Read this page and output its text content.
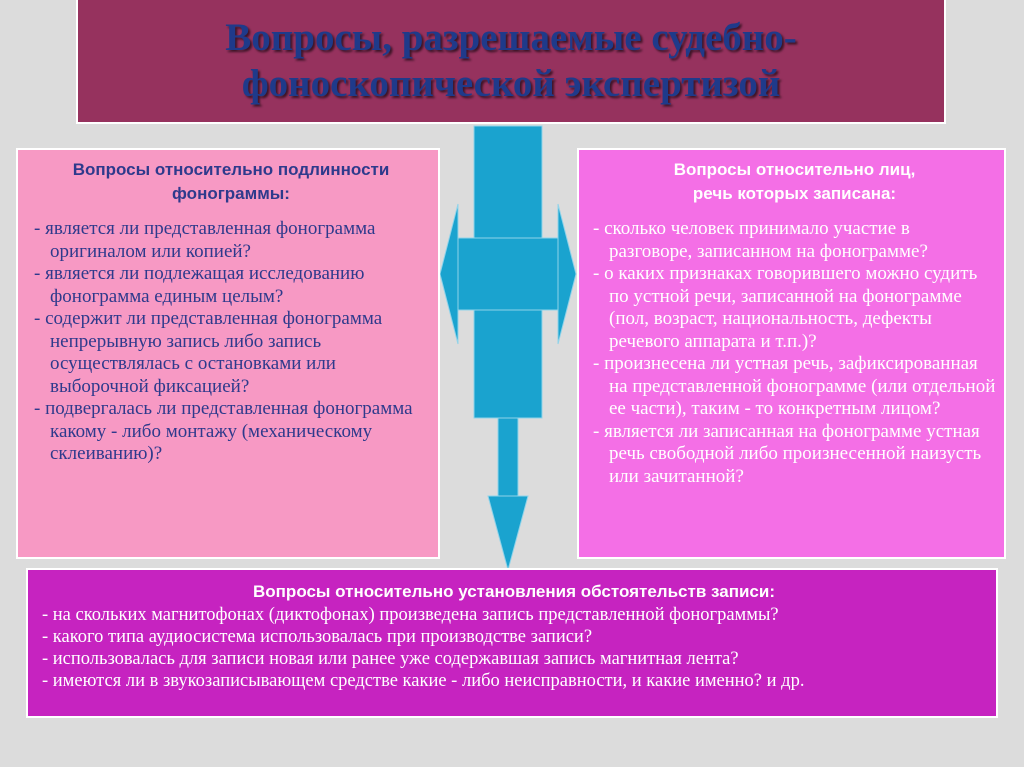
Вопросы, разрешаемые судебно-
фоноскопической экспертизой
Вопросы относительно подлинности
фонограммы:
- является ли представленная фонограмма оригиналом или копией?
- является ли подлежащая исследованию фонограмма единым целым?
- содержит ли представленная фонограмма непрерывную запись либо запись осуществлялась с остановками или выборочной фиксацией?
- подвергалась ли представленная фонограмма какому - либо монтажу (механическому склеиванию)?
Вопросы относительно лиц,
речь которых записана:
- сколько человек принимало участие в разговоре, записанном на фонограмме?
- о каких признаках говорившего можно судить по устной речи, записанной на фонограмме (пол, возраст, национальность, дефекты речевого аппарата и т.п.)?
- произнесена ли устная речь, зафиксированная на представленной фонограмме (или отдельной ее части), таким - то конкретным лицом?
- является ли записанная на фонограмме устная речь свободной либо произнесенной наизусть или зачитанной?
Вопросы относительно установления обстоятельств записи:
- на скольких магнитофонах (диктофонах) произведена запись представленной фонограммы?
- какого типа аудиосистема использовалась при производстве записи?
- использовалась для записи новая или ранее уже содержавшая запись магнитная лента?
- имеются ли в звукозаписывающем средстве какие - либо неисправности, и какие именно? и др.
